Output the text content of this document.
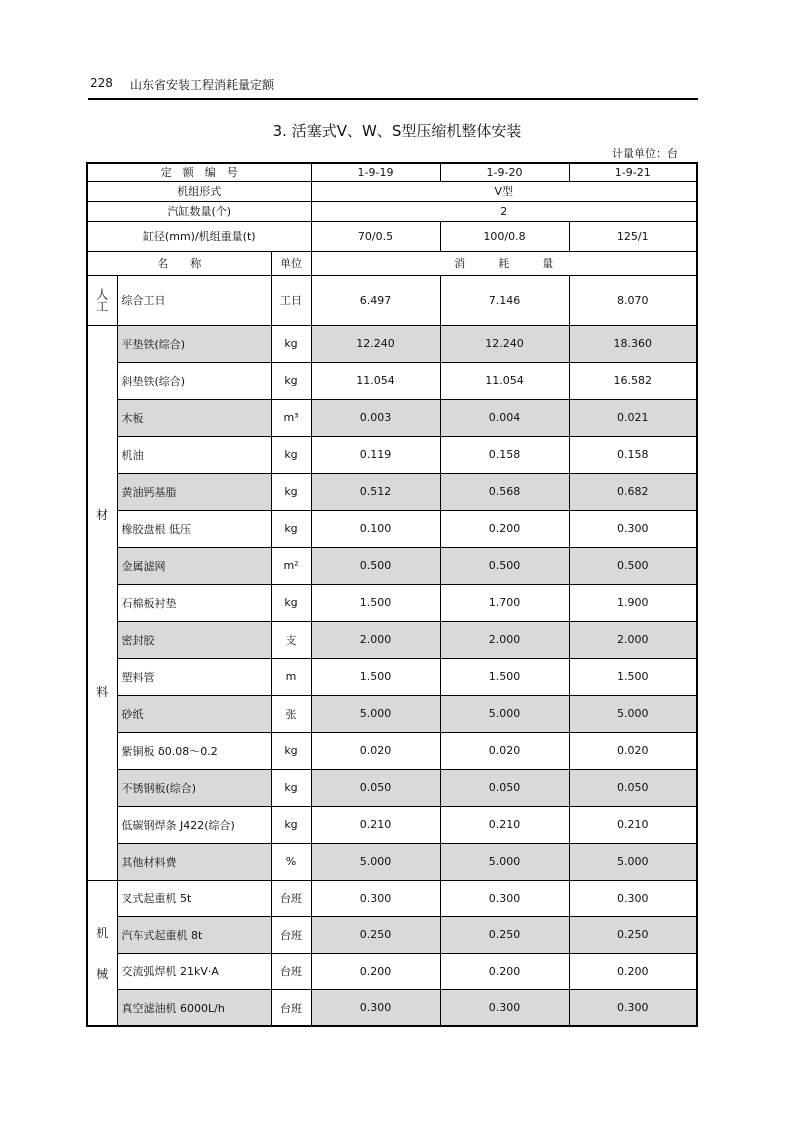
228 山东省安装工程消耗量定额
3. 活塞式V、W、S型压缩机整体安装
计量单位：台
定　额　编　号			1-9-19	1-9-20	1-9-21
机组形式			V型		
汽缸数量(个)			2		
缸径(mm)/机组重量(t)			70/0.5	100/0.8	125/1
名　　称		单位	消　　　耗　　　量		

人工	综合工日	工日	6.497	7.146	8.070

材
料	平垫铁(综合)	kg	12.240	12.240	18.360
	斜垫铁(综合)	kg	11.054	11.054	16.582
	木板	m³	0.003	0.004	0.021
	机油	kg	0.119	0.158	0.158
	黄油钙基脂	kg	0.512	0.568	0.682
	橡胶盘根 低压	kg	0.100	0.200	0.300
	金属滤网	m²	0.500	0.500	0.500
	石棉板衬垫	kg	1.500	1.700	1.900
	密封胶	支	2.000	2.000	2.000
	塑料管	m	1.500	1.500	1.500
	砂纸	张	5.000	5.000	5.000
	紫铜板 δ0.08～0.2	kg	0.020	0.020	0.020
	不锈钢板(综合)	kg	0.050	0.050	0.050
	低碳钢焊条 J422(综合)	kg	0.210	0.210	0.210
	其他材料费	%	5.000	5.000	5.000

机
械	叉式起重机 5t	台班	0.300	0.300	0.300
	汽车式起重机 8t	台班	0.250	0.250	0.250
	交流弧焊机 21kV·A	台班	0.200	0.200	0.200
	真空滤油机 6000L/h	台班	0.300	0.300	0.300
